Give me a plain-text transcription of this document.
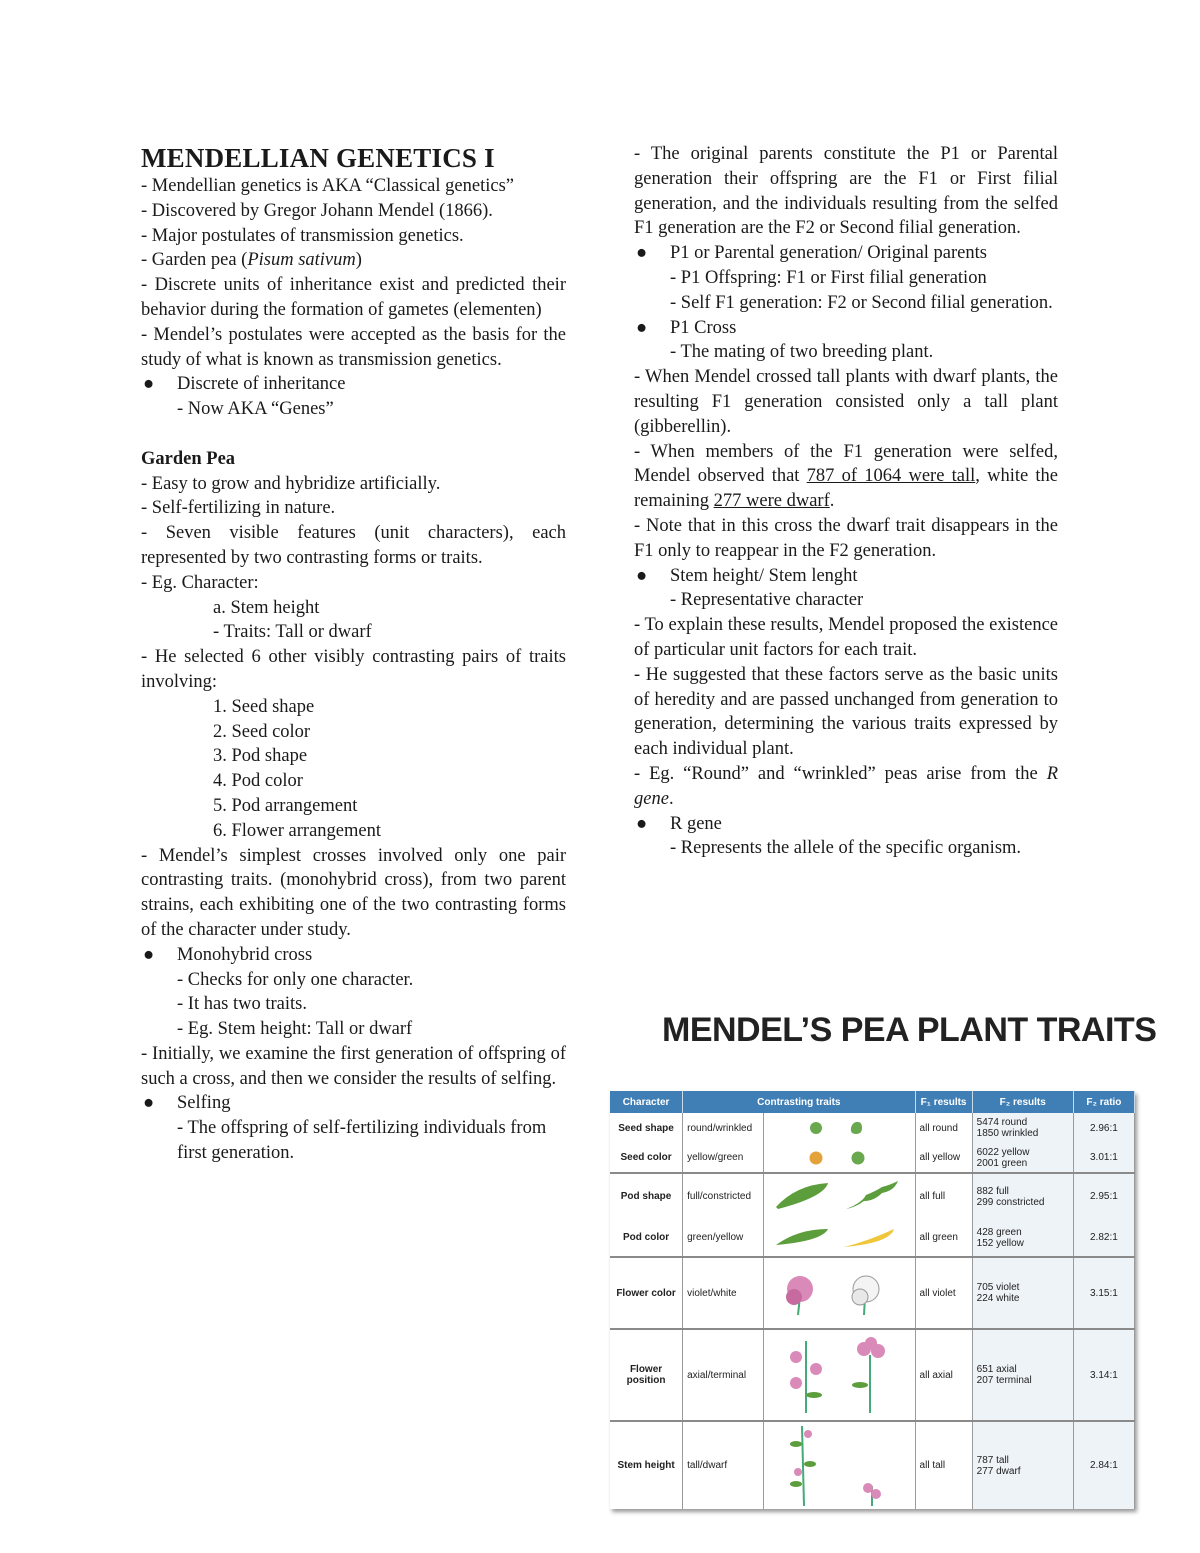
MENDELLIAN GENETICS I

- Mendellian genetics is AKA “Classical genetics”

- Discovered by Gregor Johann Mendel (1866).

- Major postulates of transmission genetics.

- Garden pea (Pisum sativum)

- Discrete units of inheritance exist and predicted their behavior during the formation of gametes (elementen)

- Mendel’s postulates were accepted as the basis for the study of what is known as transmission genetics.

● Discrete of inheritance
- Now AKA “Genes”
Garden Pea

- Easy to grow and hybridize artificially.

- Self-fertilizing in nature.

- Seven visible features (unit characters), each represented by two contrasting forms or traits.

- Eg. Character:

a. Stem height

- Traits: Tall or dwarf

- He selected 6 other visibly contrasting pairs of traits involving:

1. Seed shape

2. Seed color

3. Pod shape

4. Pod color

5. Pod arrangement

6. Flower arrangement

- Mendel’s simplest crosses involved only one pair contrasting traits. (monohybrid cross), from two parent strains, each exhibiting one of the two contrasting forms of the character under study.

● Monohybrid cross
- Checks for only one character.
- It has two traits.
- Eg. Stem height: Tall or dwarf

- Initially, we examine the first generation of offspring of such a cross, and then we consider the results of selfing.

● Selfing
- The offspring of self-fertilizing individuals from first generation.

- The original parents constitute the P1 or Parental generation their offspring are the F1 or First filial generation, and the individuals resulting from the selfed F1 generation are the F2 or Second filial generation.

● P1 or Parental generation/ Original parents
- P1 Offspring: F1 or First filial generation
- Self F1 generation: F2 or Second filial generation.
● P1 Cross
- The mating of two breeding plant.

- When Mendel crossed tall plants with dwarf plants, the resulting F1 generation consisted only a tall plant (gibberellin).

- When members of the F1 generation were selfed, Mendel observed that 787 of 1064 were tall, white the remaining 277 were dwarf.

- Note that in this cross the dwarf trait disappears in the F1 only to reappear in the F2 generation.

● Stem height/ Stem lenght
- Representative character

- To explain these results, Mendel proposed the existence of particular unit factors for each trait.

- He suggested that these factors serve as the basic units of heredity and are passed unchanged from generation to generation, determining the various traits expressed by each individual plant.

- Eg. “Round” and “wrinkled” peas arise from the R gene.

● R gene
- Represents the allele of the specific organism.
MENDEL’S PEA PLANT TRAITS
Character	Contrasting traits		F₁ results	F₂ results	F₂ ratio
Seed shape	round/wrinkled		all round	5474 round
1850 wrinkled	2.96:1
Seed color	yellow/green		all yellow	6022 yellow
2001 green	3.01:1
Pod shape	full/constricted		all full	882 full
299 constricted	2.95:1
Pod color	green/yellow		all green	428 green
152 yellow	2.82:1
Flower color	violet/white		all violet	705 violet
224 white	3.15:1
Flower position	axial/terminal		all axial	651 axial
207 terminal	3.14:1
Stem height	tall/dwarf		all tall	787 tall
277 dwarf	2.84:1
